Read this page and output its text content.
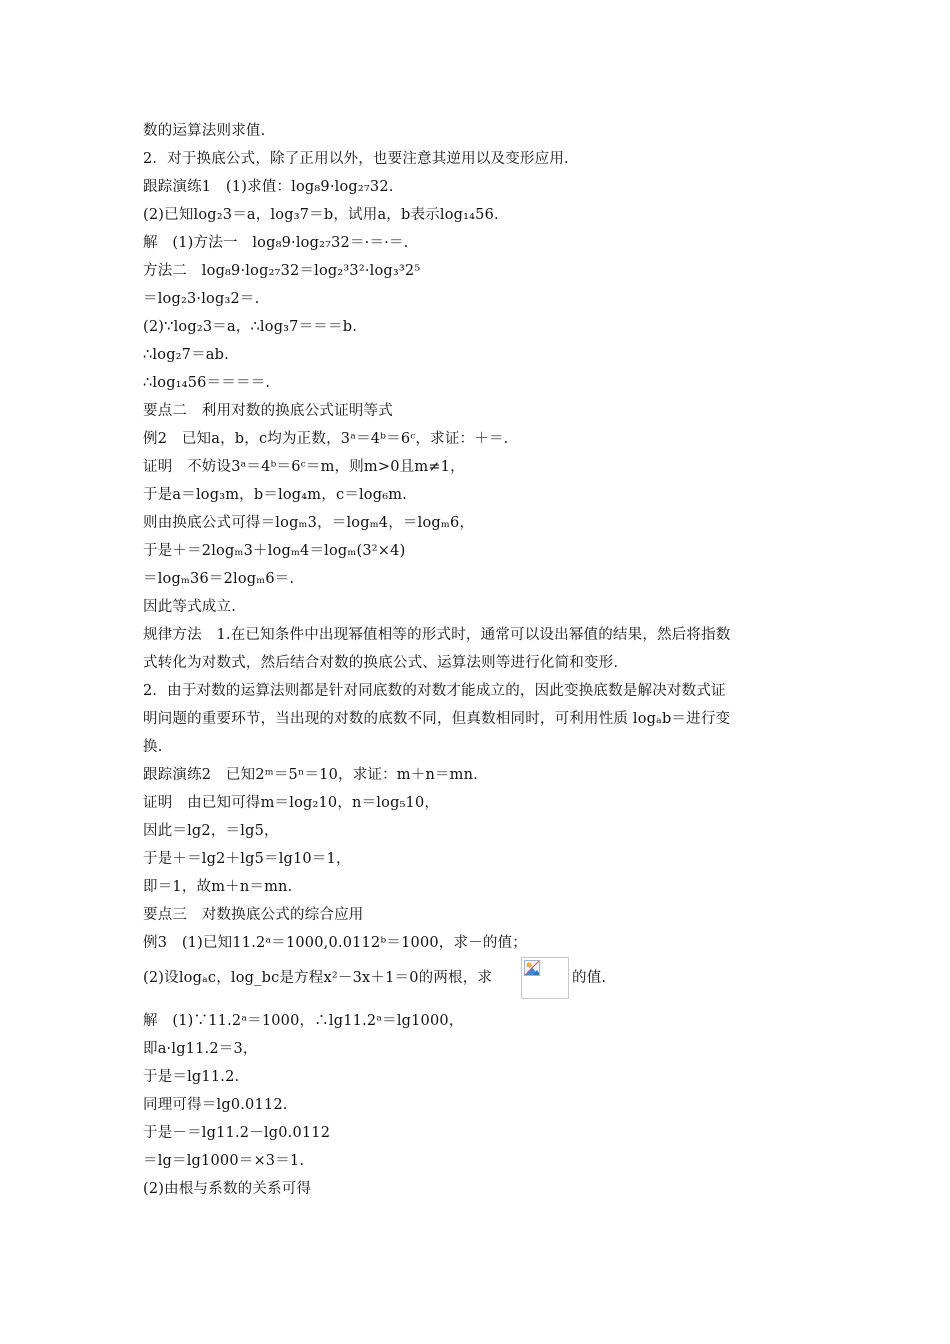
数的运算法则求值.
2．对于换底公式，除了正用以外，也要注意其逆用以及变形应用.
跟踪演练1　(1)求值：log₈9·log₂₇32.
(2)已知log₂3＝a，log₃7＝b，试用a，b表示log₁₄56.
解　(1)方法一　log₈9·log₂₇32＝·＝·＝.
方法二　log₈9·log₂₇32＝log₂³3²·log₃³2⁵
＝log₂3·log₃2＝.
(2)∵log₂3＝a，∴log₃7＝＝＝b.
∴log₂7＝ab.
∴log₁₄56＝＝＝＝.
要点二　利用对数的换底公式证明等式
例2　已知a，b，c均为正数，3ᵃ＝4ᵇ＝6ᶜ，求证：＋＝.
证明　不妨设3ᵃ＝4ᵇ＝6ᶜ＝m，则m>0且m≠1，
于是a＝log₃m，b＝log₄m，c＝log₆m.
则由换底公式可得＝logₘ3，＝logₘ4，＝logₘ6，
于是＋＝2logₘ3＋logₘ4＝logₘ(3²×4)
＝logₘ36＝2logₘ6＝.
因此等式成立.
规律方法　1.在已知条件中出现幂值相等的形式时，通常可以设出幂值的结果，然后将指数
式转化为对数式，然后结合对数的换底公式、运算法则等进行化简和变形.
2．由于对数的运算法则都是针对同底数的对数才能成立的，因此变换底数是解决对数式证
明问题的重要环节，当出现的对数的底数不同，但真数相同时，可利用性质 logₐb＝进行变
换.
跟踪演练2　已知2ᵐ＝5ⁿ＝10，求证：m＋n＝mn.
证明　由已知可得m＝log₂10，n＝log₅10，
因此＝lg2，＝lg5，
于是＋＝lg2＋lg5＝lg10＝1，
即＝1，故m＋n＝mn.
要点三　对数换底公式的综合应用
例3　(1)已知11.2ᵃ＝1000,0.0112ᵇ＝1000，求－的值；
(2)设logₐc，log_bc是方程x²－3x＋1＝0的两根，求	的值.
解　(1)∵11.2ᵃ＝1000，∴lg11.2ᵃ＝lg1000，
即a·lg11.2＝3，
于是＝lg11.2.
同理可得＝lg0.0112.
于是－＝lg11.2－lg0.0112
＝lg＝lg1000＝×3＝1.
(2)由根与系数的关系可得
